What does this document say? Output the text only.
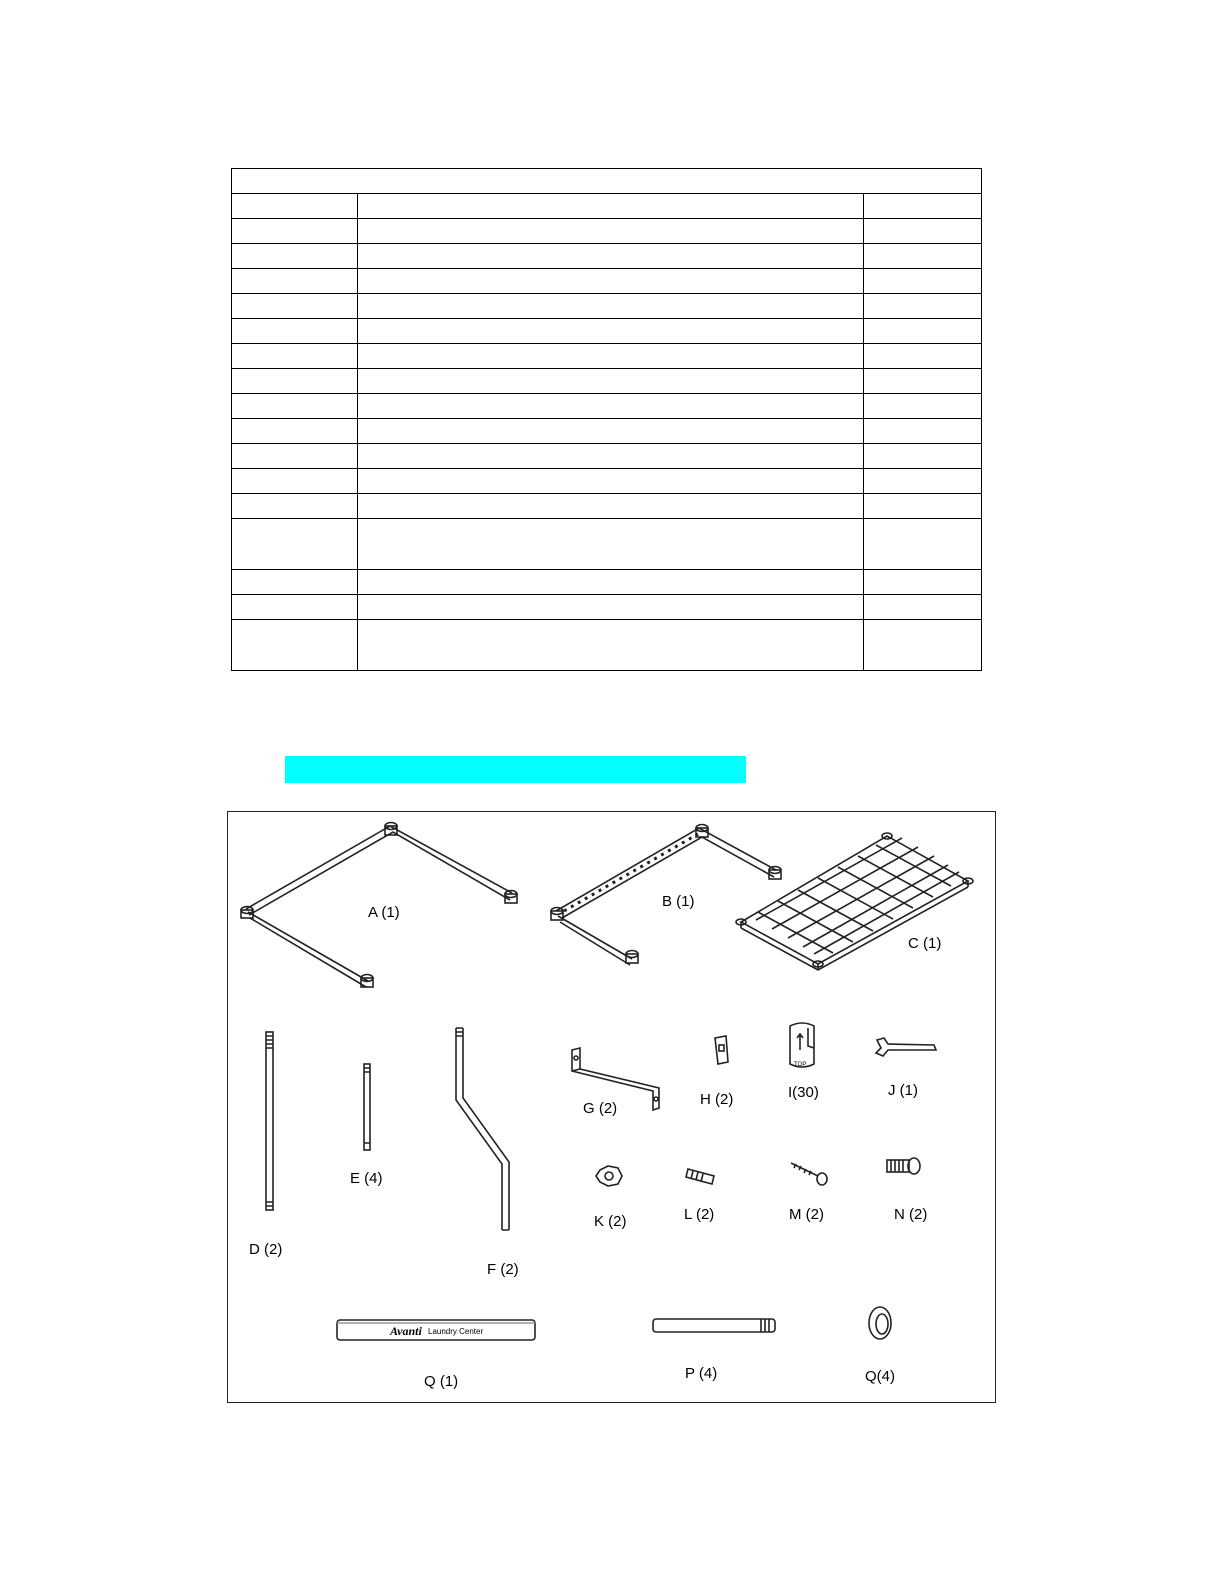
TOP
Avanti Laundry Center
A (1)
B (1)
C (1)
D (2)
E (4)
F (2)
G (2)
H (2)	I(30)	J (1)
K (2)	L (2)	M (2)	N (2)
Q (1)	P (4)	Q(4)
